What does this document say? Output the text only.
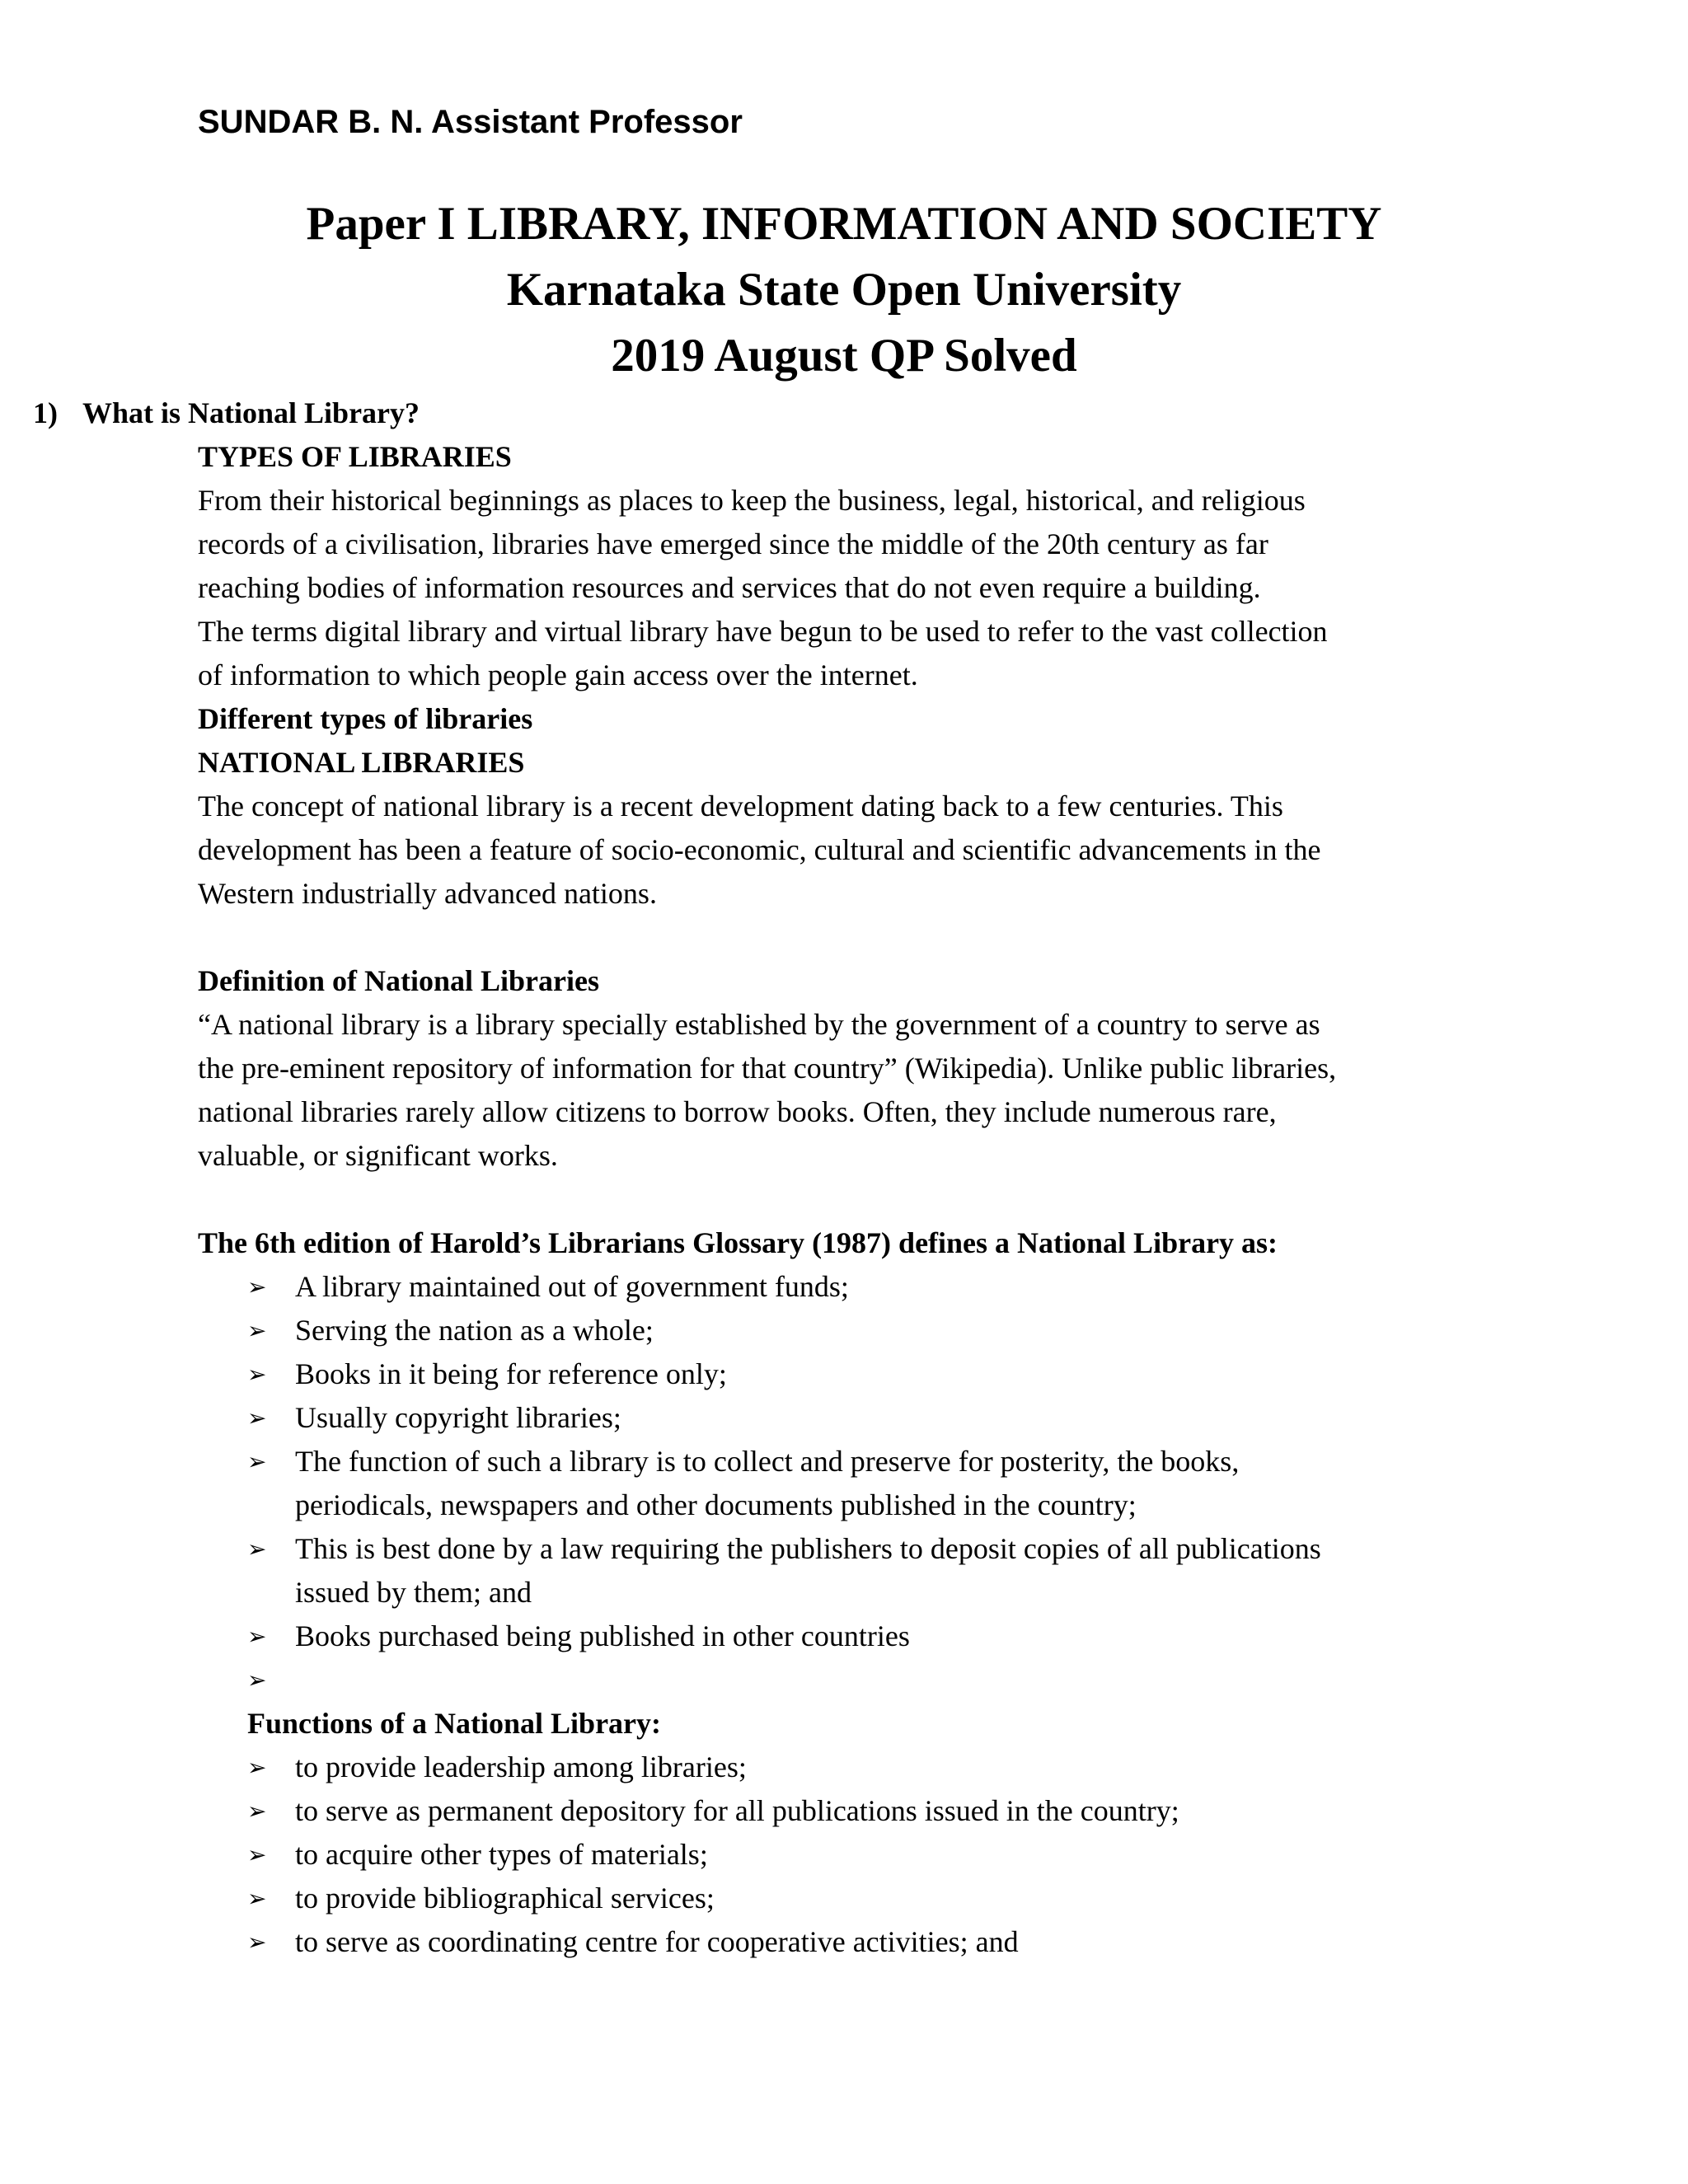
SUNDAR B. N. Assistant Professor
Paper I LIBRARY, INFORMATION AND SOCIETY
Karnataka State Open University
2019 August QP Solved
1) What is National Library?
TYPES OF LIBRARIES
From their historical beginnings as places to keep the business, legal, historical, and religious
records of a civilisation, libraries have emerged since the middle of the 20th century as far
reaching bodies of information resources and services that do not even require a building.
The terms digital library and virtual library have begun to be used to refer to the vast collection
of information to which people gain access over the internet.
Different types of libraries
NATIONAL LIBRARIES
The concept of national library is a recent development dating back to a few centuries. This
development has been a feature of socio-economic, cultural and scientific advancements in the
Western industrially advanced nations.
Definition of National Libraries
“A national library is a library specially established by the government of a country to serve as
the pre-eminent repository of information for that country” (Wikipedia). Unlike public libraries,
national libraries rarely allow citizens to borrow books. Often, they include numerous rare,
valuable, or significant works.
The 6th edition of Harold’s Librarians Glossary (1987) defines a National Library as:
➢ A library maintained out of government funds;
➢ Serving the nation as a whole;
➢ Books in it being for reference only;
➢ Usually copyright libraries;
➢ The function of such a library is to collect and preserve for posterity, the books,
periodicals, newspapers and other documents published in the country;
➢ This is best done by a law requiring the publishers to deposit copies of all publications
issued by them; and
➢ Books purchased being published in other countries
➢
Functions of a National Library:
➢ to provide leadership among libraries;
➢ to serve as permanent depository for all publications issued in the country;
➢ to acquire other types of materials;
➢ to provide bibliographical services;
➢ to serve as coordinating centre for cooperative activities; and
